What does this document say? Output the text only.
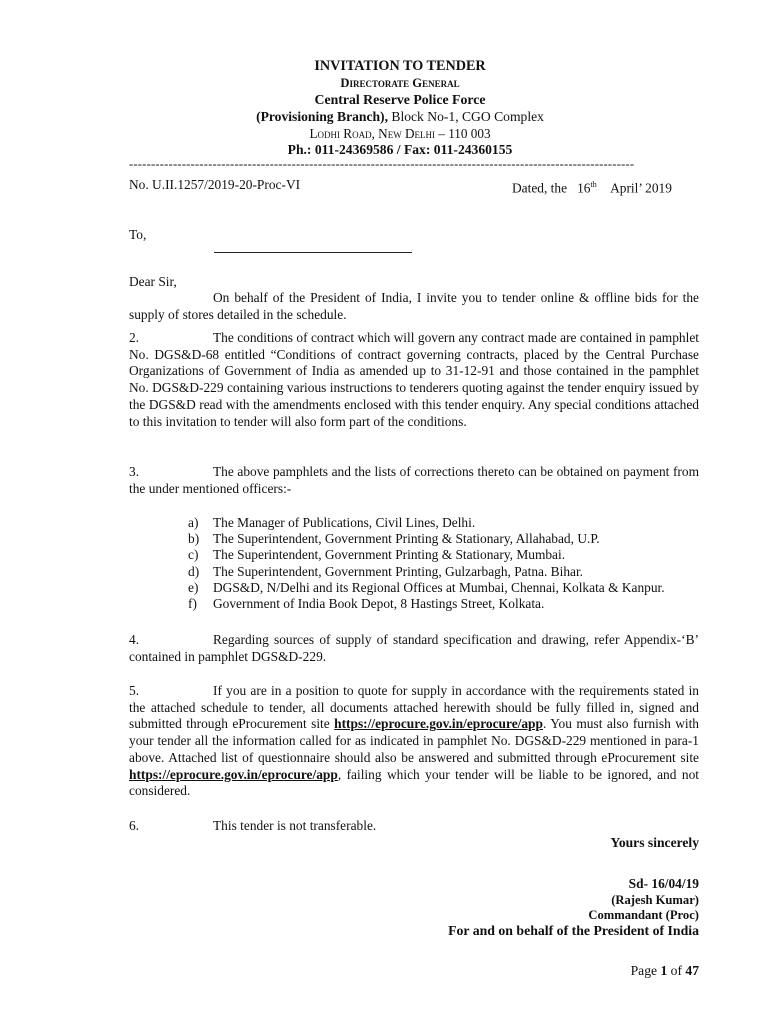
INVITATION TO TENDER
Directorate General
Central Reserve Police Force
(Provisioning Branch), Block No-1, CGO Complex
Lodhi Road, New Delhi – 110 003
Ph.: 011-24369586 / Fax: 011-24360155
-------------------------------------------------------------------------------------------------------------------
No. U.II.1257/2019-20-Proc-VI	Dated, the 16th April’ 2019
To,
Dear Sir,
On behalf of the President of India, I invite you to tender online & offline bids for the supply of stores detailed in the schedule.
2.	The conditions of contract which will govern any contract made are contained in pamphlet No. DGS&D-68 entitled “Conditions of contract governing contracts, placed by the Central Purchase Organizations of Government of India as amended up to 31-12-91 and those contained in the pamphlet No. DGS&D-229 containing various instructions to tenderers quoting against the tender enquiry issued by the DGS&D read with the amendments enclosed with this tender enquiry. Any special conditions attached to this invitation to tender will also form part of the conditions.
3.	The above pamphlets and the lists of corrections thereto can be obtained on payment from the under mentioned officers:-
a) The Manager of Publications, Civil Lines, Delhi.
b) The Superintendent, Government Printing & Stationary, Allahabad, U.P.
c) The Superintendent, Government Printing & Stationary, Mumbai.
d) The Superintendent, Government Printing, Gulzarbagh, Patna. Bihar.
e) DGS&D, N/Delhi and its Regional Offices at Mumbai, Chennai, Kolkata & Kanpur.
f) Government of India Book Depot, 8 Hastings Street, Kolkata.
4.	Regarding sources of supply of standard specification and drawing, refer Appendix-‘B’ contained in pamphlet DGS&D-229.
5.	If you are in a position to quote for supply in accordance with the requirements stated in the attached schedule to tender, all documents attached herewith should be fully filled in, signed and submitted through eProcurement site https://eprocure.gov.in/eprocure/app. You must also furnish with your tender all the information called for as indicated in pamphlet No. DGS&D-229 mentioned in para-1 above. Attached list of questionnaire should also be answered and submitted through eProcurement site https://eprocure.gov.in/eprocure/app, failing which your tender will be liable to be ignored, and not considered.
6.	This tender is not transferable.
Yours sincerely
Sd- 16/04/19
(Rajesh Kumar)
Commandant (Proc)
For and on behalf of the President of India
Page 1 of 47
